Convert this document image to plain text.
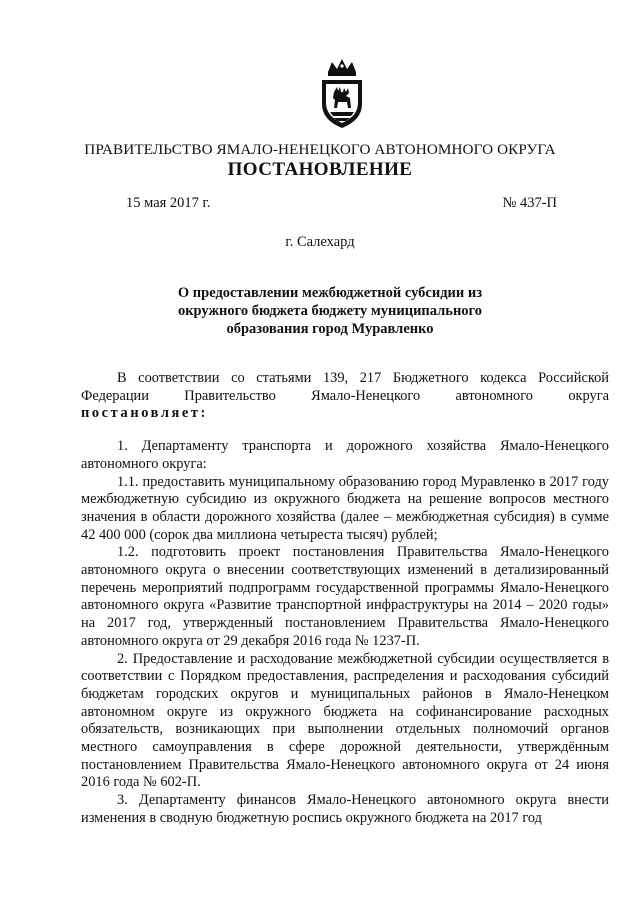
ПРАВИТЕЛЬСТВО ЯМАЛО-НЕНЕЦКОГО АВТОНОМНОГО ОКРУГА
ПОСТАНОВЛЕНИЕ
15 мая 2017 г.	№ 437-П
г. Салехард
О предоставлении межбюджетной субсидии из окружного бюджета бюджету муниципального образования город Муравленко

В соответствии со статьями 139, 217 Бюджетного кодекса Российской Федерации Правительство Ямало-Ненецкого автономного округа постановляет:

1. Департаменту транспорта и дорожного хозяйства Ямало-Ненецкого автономного округа:

1.1. предоставить муниципальному образованию город Муравленко в 2017 году межбюджетную субсидию из окружного бюджета на решение вопросов местного значения в области дорожного хозяйства (далее – межбюджетная субсидия) в сумме 42 400 000 (сорок два миллиона четыреста тысяч) рублей;

1.2. подготовить проект постановления Правительства Ямало-Ненецкого автономного округа о внесении соответствующих изменений в детализированный перечень мероприятий подпрограмм государственной программы Ямало-Ненецкого автономного округа «Развитие транспортной инфраструктуры на 2014 – 2020 годы» на 2017 год, утвержденный постановлением Правительства Ямало-Ненецкого автономного округа от 29 декабря 2016 года № 1237-П.

2. Предоставление и расходование межбюджетной субсидии осуществляется в соответствии с Порядком предоставления, распределения и расходования субсидий бюджетам городских округов и муниципальных районов в Ямало-Ненецком автономном округе из окружного бюджета на софинансирование расходных обязательств, возникающих при выполнении отдельных полномочий органов местного самоуправления в сфере дорожной деятельности, утверждённым постановлением Правительства Ямало-Ненецкого автономного округа от 24 июня 2016 года № 602-П.

3. Департаменту финансов Ямало-Ненецкого автономного округа внести изменения в сводную бюджетную роспись окружного бюджета на 2017 год
